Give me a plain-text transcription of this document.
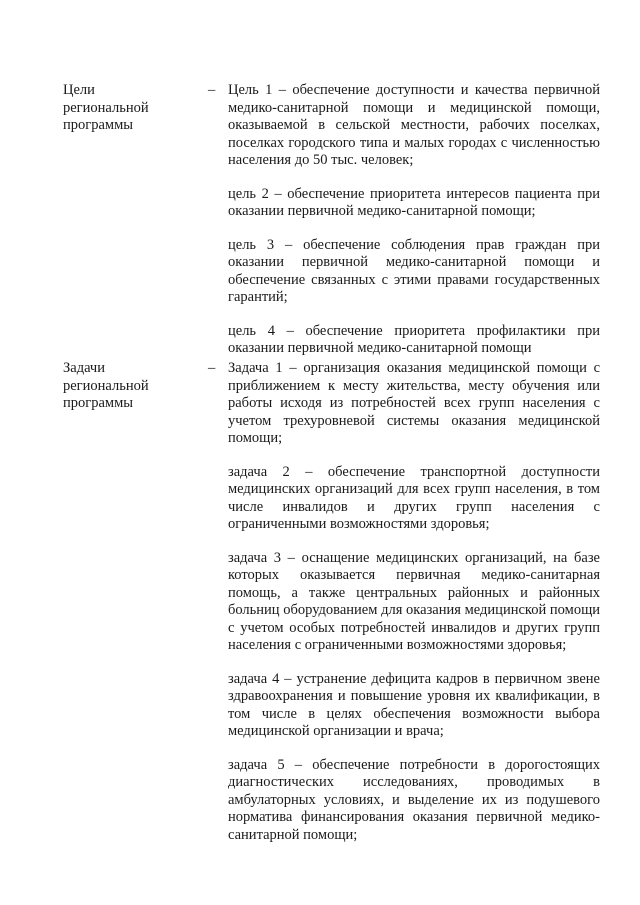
Цели региональной программы
– Цель 1 – обеспечение доступности и качества первичной медико-санитарной помощи и медицинской помощи, оказываемой в сельской местности, рабочих поселках, поселках городского типа и малых городах с численностью населения до 50 тыс. человек;

цель 2 – обеспечение приоритета интересов пациента при оказании первичной медико-санитарной помощи;

цель 3 – обеспечение соблюдения прав граждан при оказании первичной медико-санитарной помощи и обеспечение связанных с этими правами государственных гарантий;

цель 4 – обеспечение приоритета профилактики при оказании первичной медико-санитарной помощи

Задачи региональной программы
– Задача 1 – организация оказания медицинской помощи с приближением к месту жительства, месту обучения или работы исходя из потребностей всех групп населения с учетом трехуровневой системы оказания медицинской помощи;

задача 2 – обеспечение транспортной доступности медицинских организаций для всех групп населения, в том числе инвалидов и других групп населения с ограниченными возможностями здоровья;

задача 3 – оснащение медицинских организаций, на базе которых оказывается первичная медико-санитарная помощь, а также центральных районных и районных больниц оборудованием для оказания медицинской помощи с учетом особых потребностей инвалидов и других групп населения с ограниченными возможностями здоровья;

задача 4 – устранение дефицита кадров в первичном звене здравоохранения и повышение уровня их квалификации, в том числе в целях обеспечения возможности выбора медицинской организации и врача;

задача 5 – обеспечение потребности в дорогостоящих диагностических исследованиях, проводимых в амбулаторных условиях, и выделение их из подушевого норматива финансирования оказания первичной медико-санитарной помощи;
